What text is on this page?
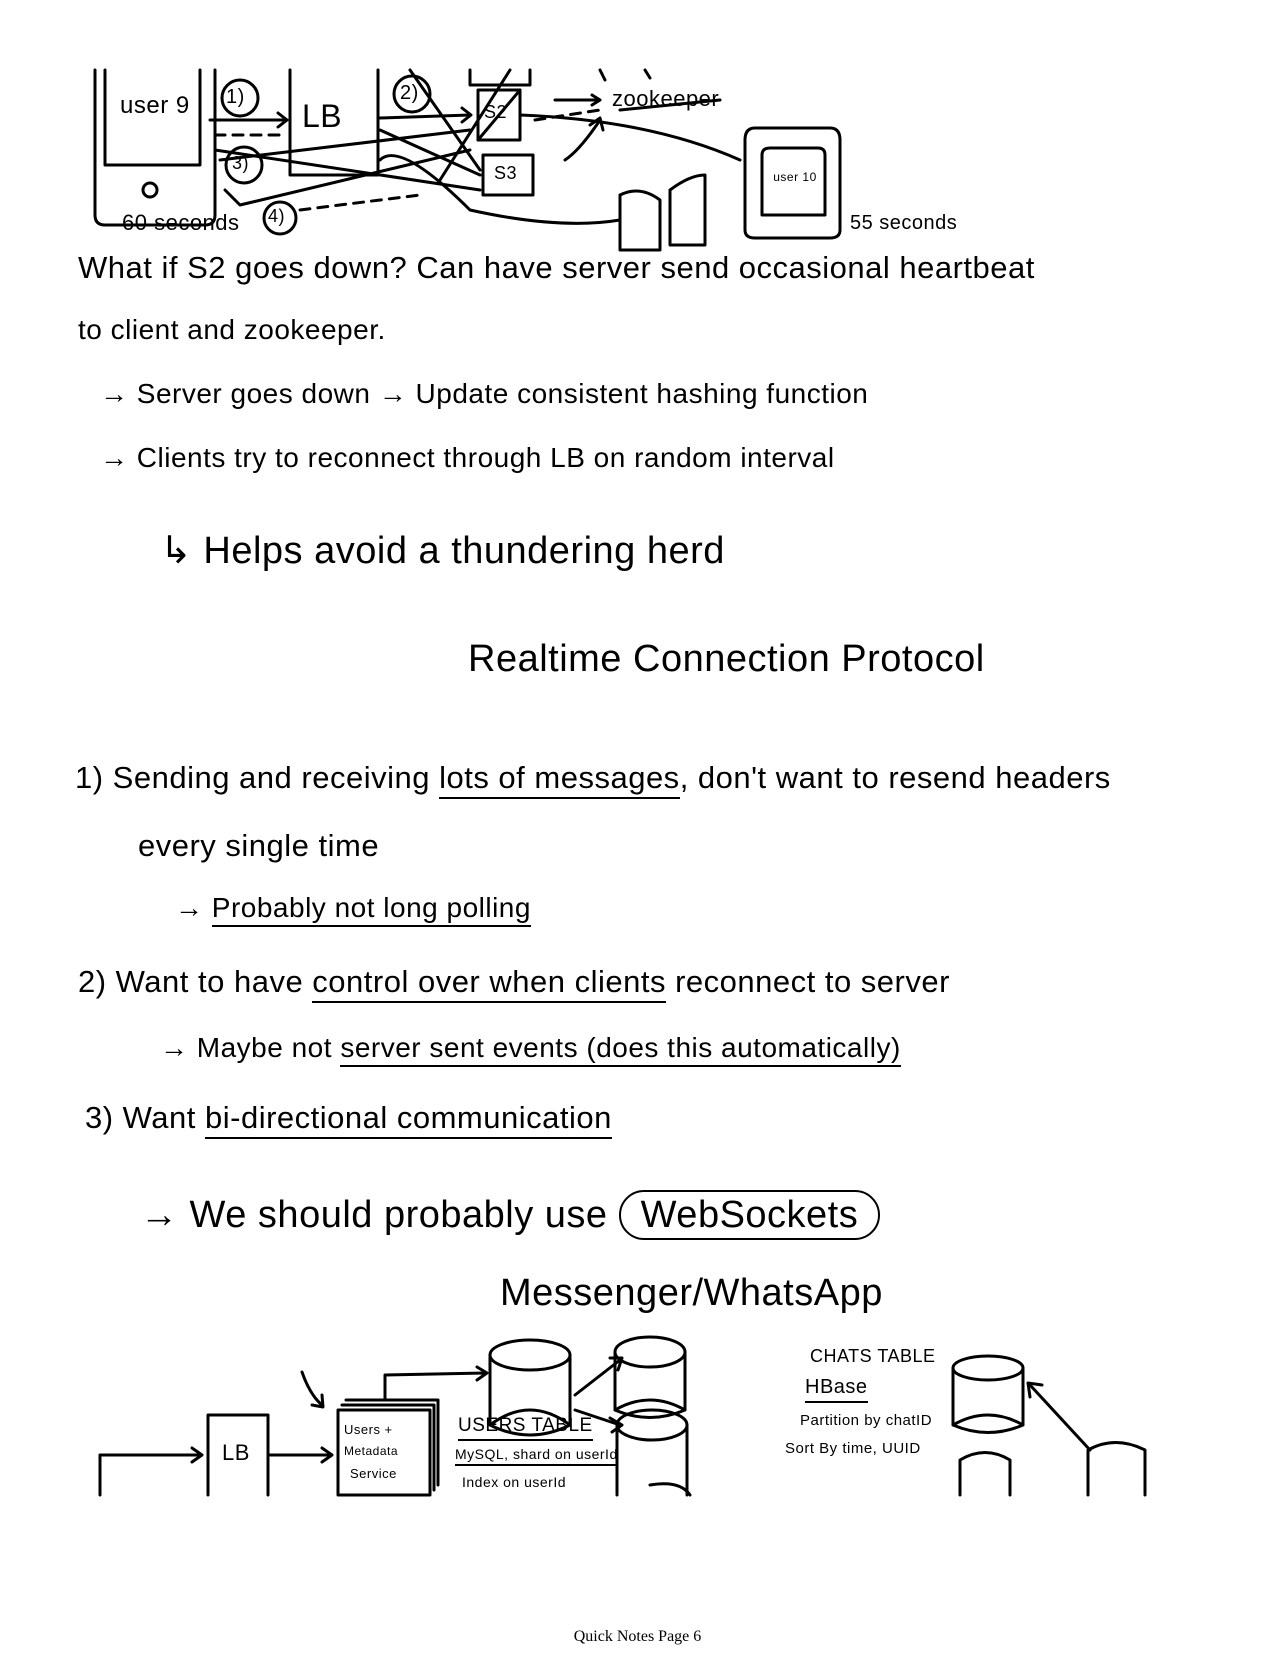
user 9 1)
LB
2)
S2
S3
zookeeper
3)
4)
60 seconds
user 10
55 seconds
What if S2 goes down? Can have server send occasional heartbeat
to client and zookeeper.
→ Server goes down → Update consistent hashing function
→ Clients try to reconnect through LB on random interval
↳ Helps avoid a thundering herd
Realtime Connection Protocol
1) Sending and receiving lots of messages, don't want to resend headers
every single time
→ Probably not long polling
2) Want to have control over when clients reconnect to server
→ Maybe not server sent events (does this automatically)
3) Want bi-directional communication
→ We should probably use WebSockets
Messenger/WhatsApp
LB
Users +
Metadata
Service
USERS TABLE
MySQL, shard on userId
Index on userId
CHATS TABLE
HBase
Partition by chatID
Sort By time, UUID
Quick Notes Page 6
